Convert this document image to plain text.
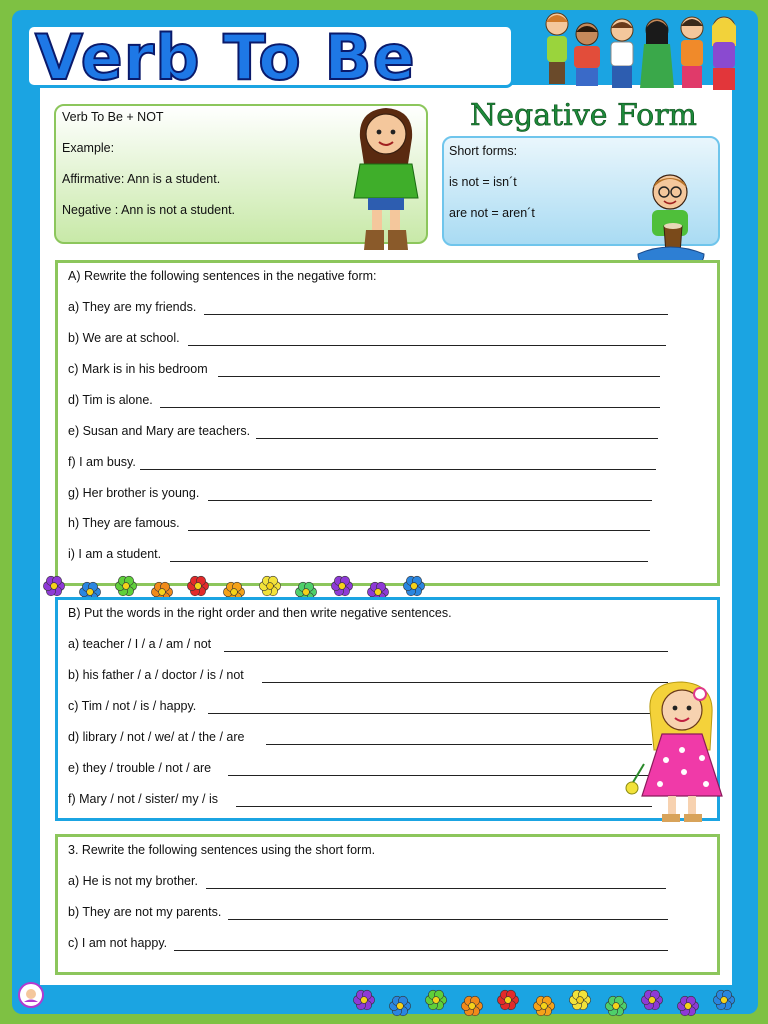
Verb To Be
Verb To Be + NOT
Example:
Affirmative: Ann is a student.
Negative : Ann is not a student.
Negative Form
Short forms:
is not = isn´t
are not = aren´t
A) Rewrite the following sentences in the negative form:
a) They are my friends.
b) We are at school.
c) Mark is in his bedroom
d) Tim is alone.
e) Susan and Mary are teachers.
f) I am busy.
g) Her brother is young.
h) They are famous.
i) I am a student.
B) Put the words in the right order and then write negative sentences.
a) teacher / I / a / am / not
b) his father / a / doctor / is / not
c) Tim / not / is / happy.
d) library / not / we/ at / the / are
e) they / trouble / not / are
f) Mary / not / sister/ my / is
3. Rewrite the following sentences using the short form.
a) He is not my brother.
b) They are not my parents.
c) I am not happy.
